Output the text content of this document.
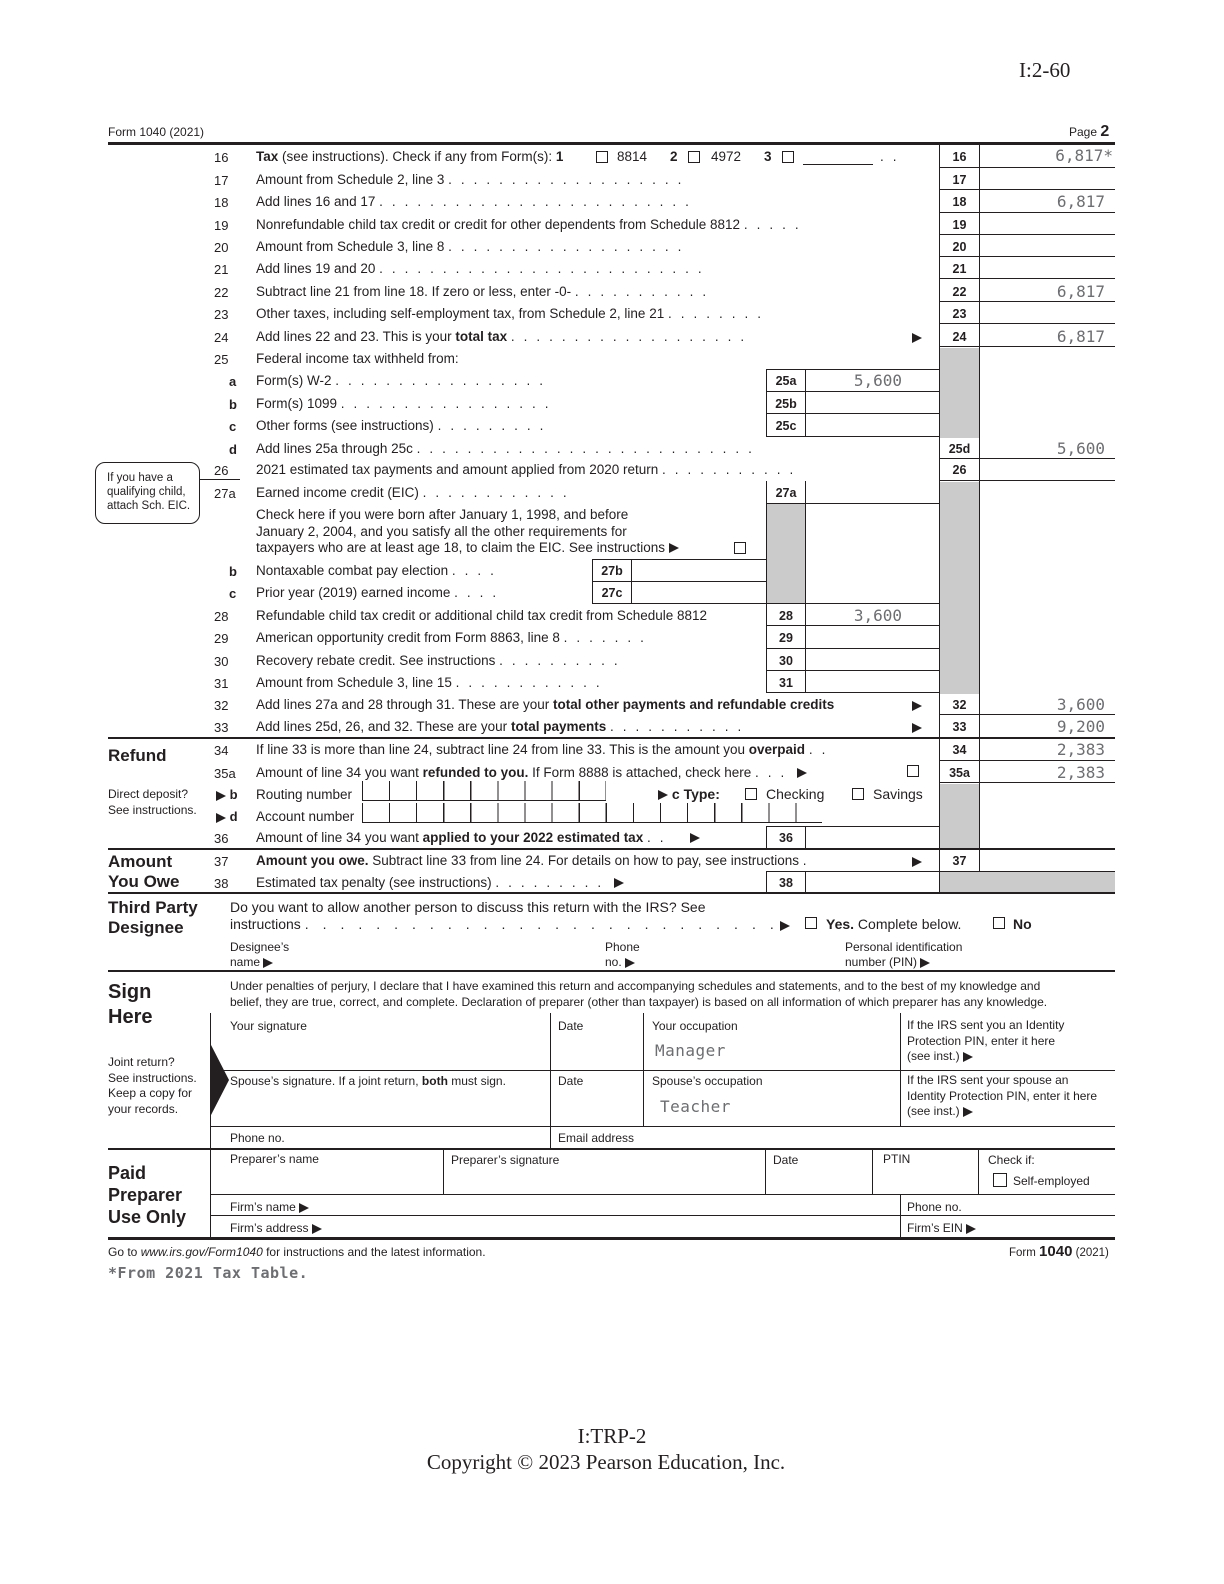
I:2-60
Form 1040 (2021)	Page 2
16 Tax (see instructions). Check if any from Form(s): 1	8814 2 4972 3	..	16	6,817*
17 Amount from Schedule 2, line 3 ...................	17
18 Add lines 16 and 17 .........................	18	6,817
19 Nonrefundable child tax credit or credit for other dependents from Schedule 8812 .....	19
20 Amount from Schedule 3, line 8 ...................	20
21 Add lines 19 and 20 ..........................	21
22 Subtract line 21 from line 18. If zero or less, enter -0- ...........	22	6,817
23 Other taxes, including self-employment tax, from Schedule 2, line 21 ........	23
24 Add lines 22 and 23. This is your total tax ...................	24	6,817
25 Federal income tax withheld from:
a Form(s) W-2 .................	25a	5,600
b Form(s) 1099 .................	25b
c Other forms (see instructions) .........	25c
d Add lines 25a through 25c ...........................	25d	5,600
If you have a
qualifying child,
attach Sch. EIC.
26 2021 estimated tax payments and amount applied from 2020 return ...........	26
27a Earned income credit (EIC) ............	27a
Check here if you were born after January 1, 1998, and before
January 2, 2004, and you satisfy all the other requirements for
taxpayers who are at least age 18, to claim the EIC. See instructions
b Nontaxable combat pay election ....	27b
c Prior year (2019) earned income ....	27c
28 Refundable child tax credit or additional child tax credit from Schedule 8812	28	3,600
29 American opportunity credit from Form 8863, line 8 .......	29
30 Recovery rebate credit. See instructions ..........	30
31 Amount from Schedule 3, line 15 ............	31
32 Add lines 27a and 28 through 31. These are your total other payments and refundable credits	32	3,600
33 Add lines 25d, 26, and 32. These are your total payments ...........	33	9,200
Refund	34 If line 33 is more than line 24, subtract line 24 from line 33. This is the amount you overpaid ..	34	2,383
35a Amount of line 34 you want refunded to you. If Form 8888 is attached, check here ...	35a	2,383
Direct deposit?
See instructions.
b Routing number	c Type:	Checking	Savings
d Account number
36 Amount of line 34 you want applied to your 2022 estimated tax ..	36
Amount
You Owe
37 Amount you owe. Subtract line 33 from line 24. For details on how to pay, see instructions .	37
38 Estimated tax penalty (see instructions) .........	38
Third Party
Designee
Do you want to allow another person to discuss this return with the IRS? See
instructions ...........................	Yes. Complete below.	No
Designee’s
name
Phone
no.
Personal identification
number (PIN)
Sign
Here
Under penalties of perjury, I declare that I have examined this return and accompanying schedules and statements, and to the best of my knowledge and
belief, they are true, correct, and complete. Declaration of preparer (other than taxpayer) is based on all information of which preparer has any knowledge.
Joint return?
See instructions.
Keep a copy for
your records.
Your signature	Date	Your occupation
Manager
If the IRS sent you an Identity
Protection PIN, enter it here
(see inst.)
Spouse’s signature. If a joint return, both must sign.	Date	Spouse’s occupation
Teacher
If the IRS sent your spouse an
Identity Protection PIN, enter it here
(see inst.)
Phone no.	Email address
Paid
Preparer
Use Only
Preparer’s name	Preparer’s signature	Date	PTIN	Check if:
Self-employed
Firm’s name	Phone no.
Firm’s address	Firm’s EIN
Go to www.irs.gov/Form1040 for instructions and the latest information.	Form 1040 (2021)
*From 2021 Tax Table.
I:TRP-2
Copyright © 2023 Pearson Education, Inc.
